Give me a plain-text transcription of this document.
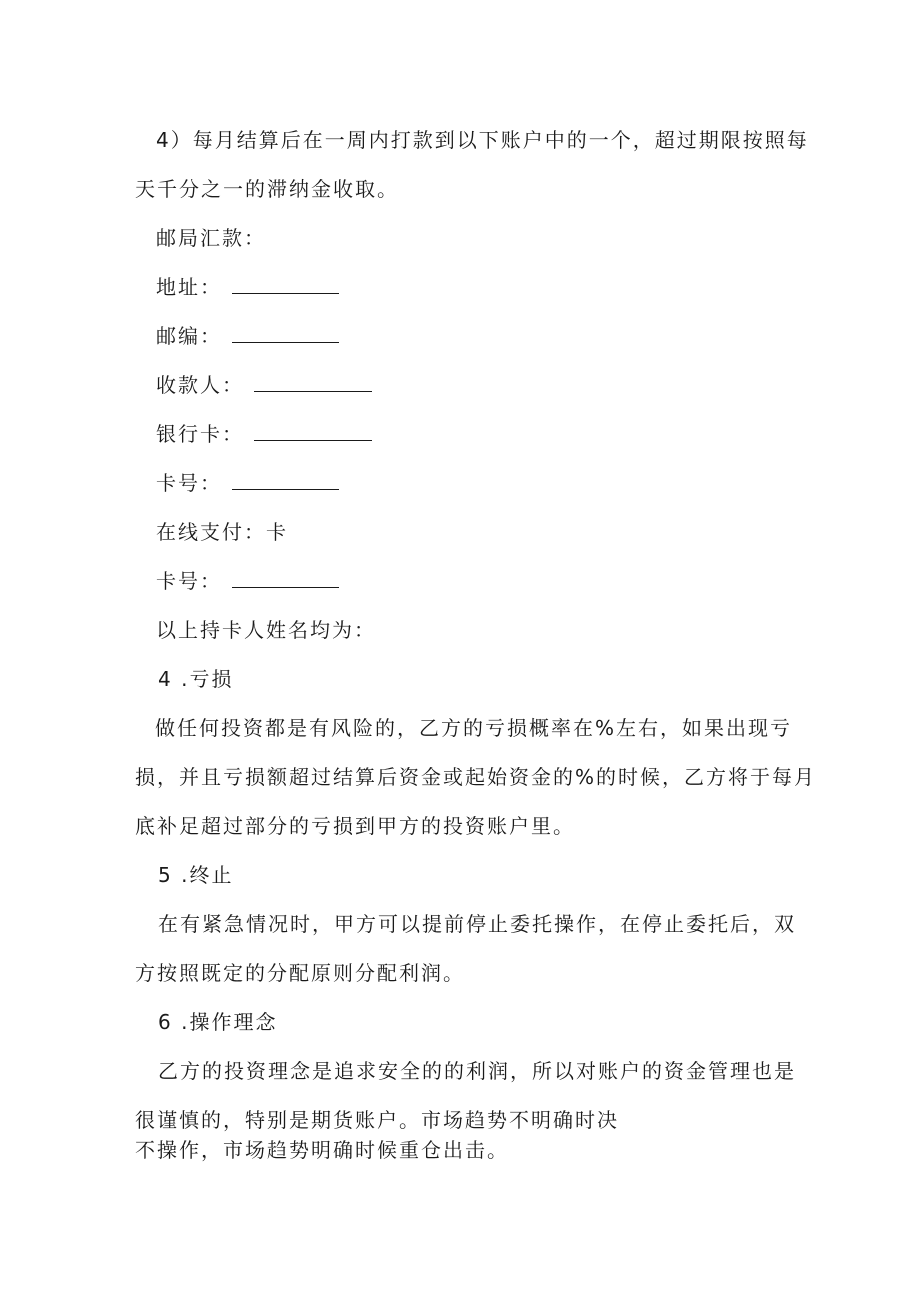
4）每月结算后在一周内打款到以下账户中的一个，超过期限按照每
天千分之一的滞纳金收取。
邮局汇款：
地址：
邮编：
收款人：
银行卡：
卡号：
在线支付：卡
卡号：
以上持卡人姓名均为：
4 .亏损
做任何投资都是有风险的，乙方的亏损概率在%左右，如果出现亏
损，并且亏损额超过结算后资金或起始资金的%的时候，乙方将于每月
底补足超过部分的亏损到甲方的投资账户里。
5 .终止
在有紧急情况时，甲方可以提前停止委托操作，在停止委托后，双
方按照既定的分配原则分配利润。
6 .操作理念
乙方的投资理念是追求安全的的利润，所以对账户的资金管理也是
很谨慎的，特别是期货账户。市场趋势不明确时决
不操作，市场趋势明确时候重仓出击。
